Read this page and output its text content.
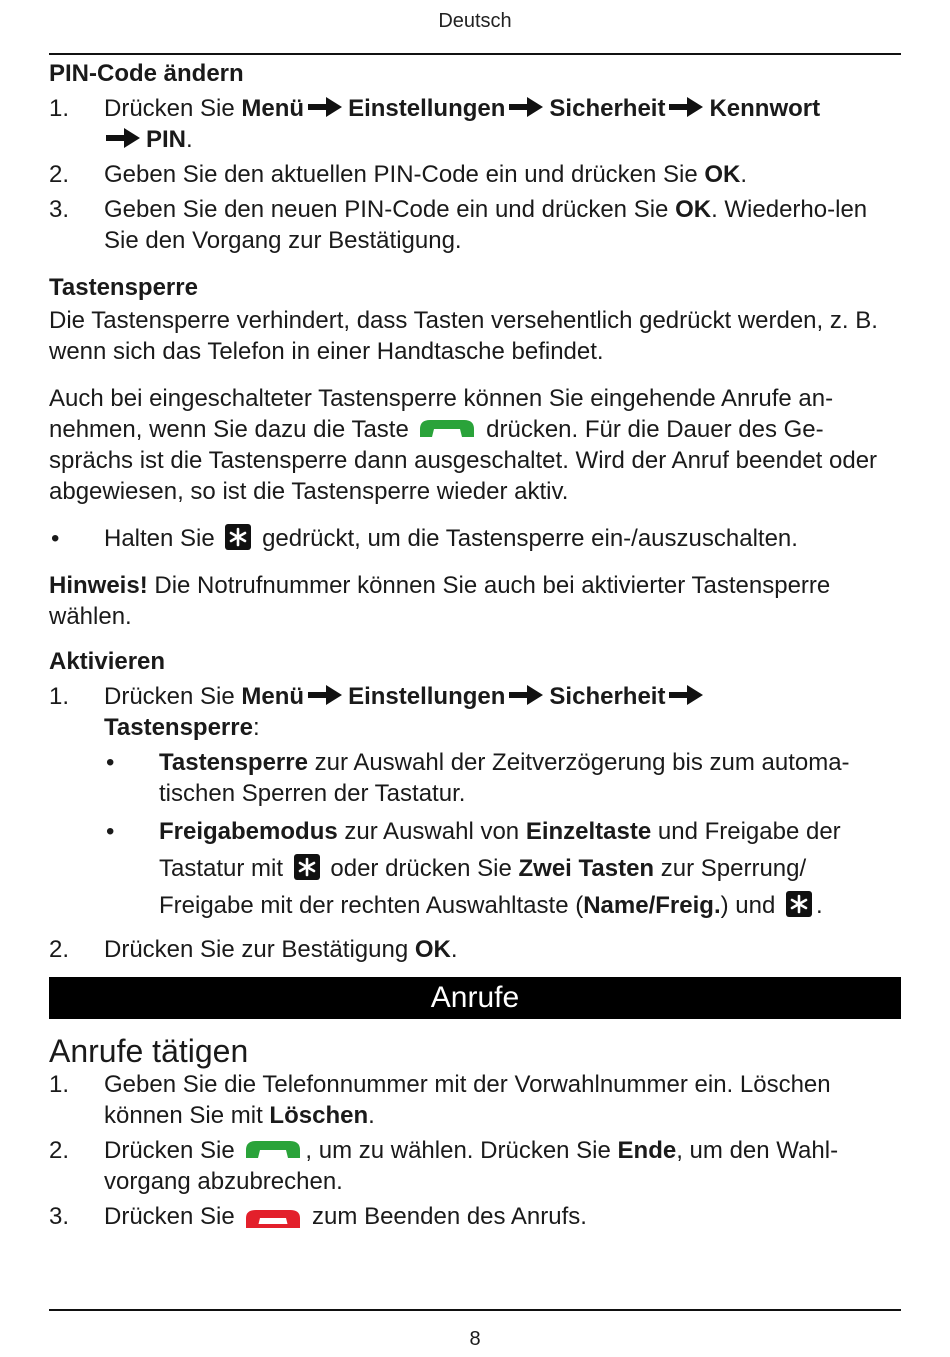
Deutsch
PIN-Code ändern
1.	Drücken Sie Menü Einstellungen Sicherheit Kennwort
PIN.
2.	Geben Sie den aktuellen PIN-Code ein und drücken Sie OK.
3.	Geben Sie den neuen PIN-Code ein und drücken Sie OK. Wiederho-len Sie den Vorgang zur Bestätigung.
Tastensperre

Die Tastensperre verhindert, dass Tasten versehentlich gedrückt werden, z. B. wenn sich das Telefon in einer Handtasche befindet.

Auch bei eingeschalteter Tastensperre können Sie eingehende Anrufe an-nehmen, wenn Sie dazu die Taste	drücken. Für die Dauer des Ge-sprächs ist die Tastensperre dann ausgeschaltet. Wird der Anruf beendet oder abgewiesen, so ist die Tastensperre wieder aktiv.

•	Halten Sie  gedrückt, um die Tastensperre ein-/auszuschalten.

Hinweis! Die Notrufnummer können Sie auch bei aktivierter Tastensperre wählen.

Aktivieren
1.	Drücken Sie Menü Einstellungen Sicherheit
Tastensperre:
•	Tastensperre zur Auswahl der Zeitverzögerung bis zum automa-tischen Sperren der Tastatur.
•	Freigabemodus zur Auswahl von Einzeltaste und Freigabe der Tastatur mit  oder drücken Sie Zwei Tasten zur Sperrung/ Freigabe mit der rechten Auswahltaste (Name/Freig.) und .
2.	Drücken Sie zur Bestätigung OK.
Anrufe
Anrufe tätigen
1.	Geben Sie die Telefonnummer mit der Vorwahlnummer ein. Löschen können Sie mit Löschen.
2.	Drücken Sie	, um zu wählen. Drücken Sie Ende, um den Wahl-vorgang abzubrechen.
3.	Drücken Sie	zum Beenden des Anrufs.
8
